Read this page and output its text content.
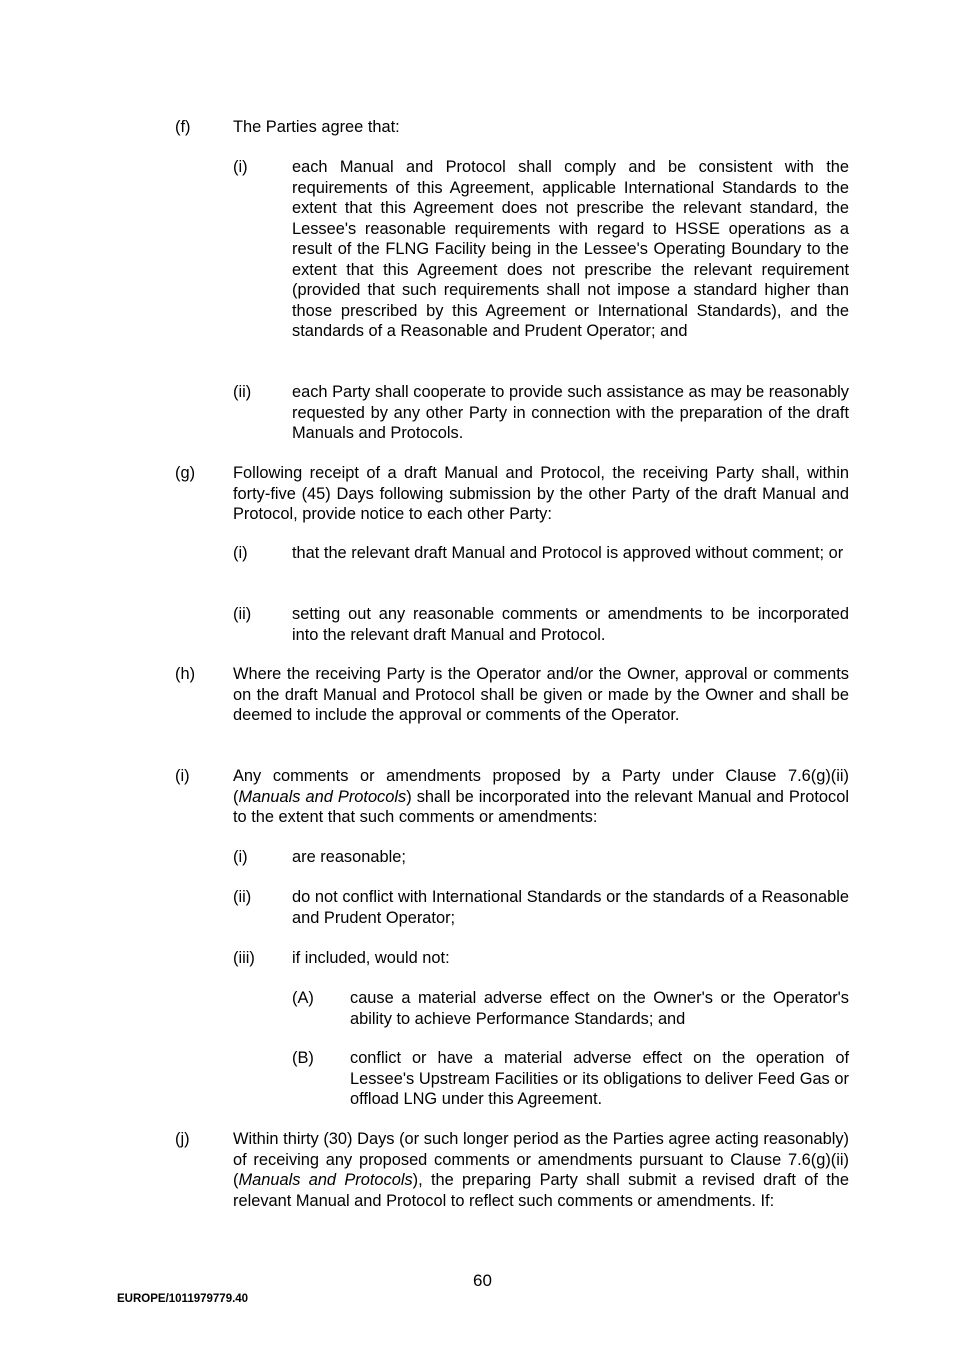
(f)	The Parties agree that:
(i)	each Manual and Protocol shall comply and be consistent with the requirements of this Agreement, applicable International Standards to the extent that this Agreement does not prescribe the relevant standard, the Lessee's reasonable requirements with regard to HSSE operations as a result of the FLNG Facility being in the Lessee's Operating Boundary to the extent that this Agreement does not prescribe the relevant requirement (provided that such requirements shall not impose a standard higher than those prescribed by this Agreement or International Standards), and the standards of a Reasonable and Prudent Operator; and
(ii) each Party shall cooperate to provide such assistance as may be reasonably requested by any other Party in connection with the preparation of the draft Manuals and Protocols.
(g) Following receipt of a draft Manual and Protocol, the receiving Party shall, within forty-five (45) Days following submission by the other Party of the draft Manual and Protocol, provide notice to each other Party:
(i)	that the relevant draft Manual and Protocol is approved without comment; or
(ii) setting out any reasonable comments or amendments to be incorporated into the relevant draft Manual and Protocol.
(h) Where the receiving Party is the Operator and/or the Owner, approval or comments on the draft Manual and Protocol shall be given or made by the Owner and shall be deemed to include the approval or comments of the Operator.
(i)	Any comments or amendments proposed by a Party under Clause 7.6(g)(ii) (Manuals and Protocols) shall be incorporated into the relevant Manual and Protocol to the extent that such comments or amendments:
(i)	are reasonable;
(ii) do not conflict with International Standards or the standards of a Reasonable and Prudent Operator;
(iii) if included, would not:
(A) cause a material adverse effect on the Owner's or the Operator's ability to achieve Performance Standards; and
(B) conflict or have a material adverse effect on the operation of Lessee's Upstream Facilities or its obligations to deliver Feed Gas or offload LNG under this Agreement.
(j)	Within thirty (30) Days (or such longer period as the Parties agree acting reasonably) of receiving any proposed comments or amendments pursuant to Clause 7.6(g)(ii) (Manuals and Protocols), the preparing Party shall submit a revised draft of the relevant Manual and Protocol to reflect such comments or amendments. If:
60
EUROPE/1011979779.40
